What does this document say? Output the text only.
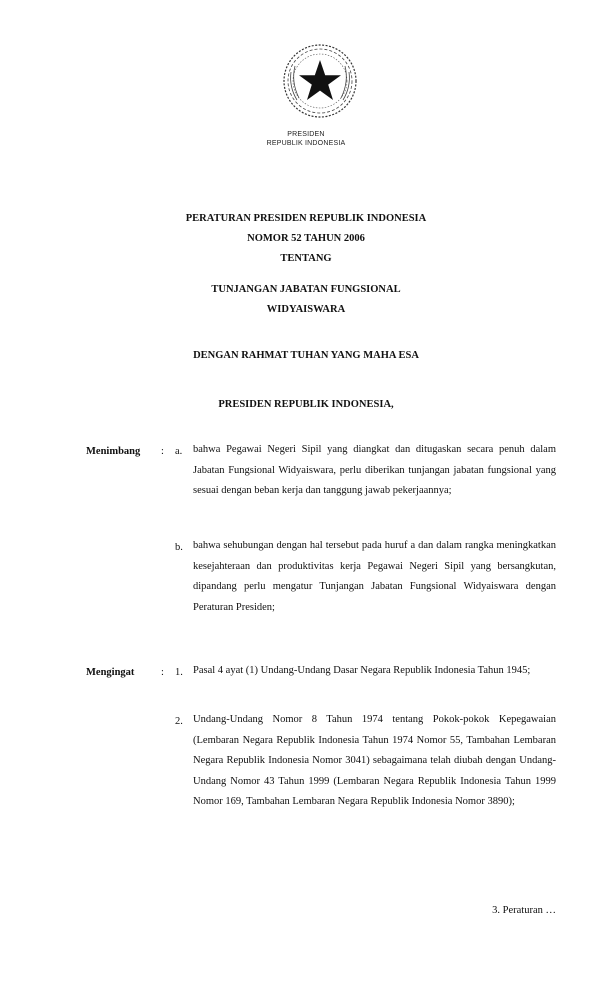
PRESIDEN
REPUBLIK INDONESIA
PERATURAN PRESIDEN REPUBLIK INDONESIA
NOMOR 52 TAHUN 2006
TENTANG
TUNJANGAN JABATAN FUNGSIONAL
WIDYAISWARA
DENGAN RAHMAT TUHAN YANG MAHA ESA
PRESIDEN REPUBLIK INDONESIA,
Menimbang : a. bahwa Pegawai Negeri Sipil yang diangkat dan ditugaskan secara penuh dalam Jabatan Fungsional Widyaiswara, perlu diberikan tunjangan jabatan fungsional yang sesuai dengan beban kerja dan tanggung jawab pekerjaannya;
b. bahwa sehubungan dengan hal tersebut pada huruf a dan dalam rangka meningkatkan kesejahteraan dan produktivitas kerja Pegawai Negeri Sipil yang bersangkutan, dipandang perlu mengatur Tunjangan Jabatan Fungsional Widyaiswara dengan Peraturan Presiden;
Mengingat	: 1. Pasal 4 ayat (1) Undang-Undang Dasar Negara Republik Indonesia Tahun 1945;
2. Undang-Undang Nomor 8 Tahun 1974 tentang Pokok-pokok Kepegawaian (Lembaran Negara Republik Indonesia Tahun 1974 Nomor 55, Tambahan Lembaran Negara Republik Indonesia Nomor 3041) sebagaimana telah diubah dengan Undang-Undang Nomor 43 Tahun 1999 (Lembaran Negara Republik Indonesia Tahun 1999 Nomor 169, Tambahan Lembaran Negara Republik Indonesia Nomor 3890);
3. Peraturan …
